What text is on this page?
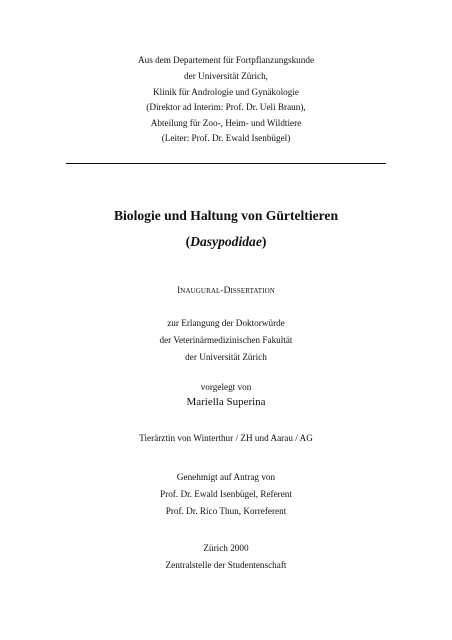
Aus dem Departement für Fortpflanzungskunde
der Universität Zürich,
Klinik für Andrologie und Gynäkologie
(Direktor ad Interim: Prof. Dr. Ueli Braun),
Abteilung für Zoo-, Heim- und Wildtiere
(Leiter: Prof. Dr. Ewald Isenbügel)
Biologie und Haltung von Gürteltieren
(Dasypodidae)
Inaugural-Dissertation
zur Erlangung der Doktorwürde
der Veterinärmedizinischen Fakultät
der Universität Zürich
vorgelegt von
Mariella Superina
Tierärztin von Winterthur / ZH und Aarau / AG
Genehmigt auf Antrag von
Prof. Dr. Ewald Isenbügel, Referent
Prof. Dr. Rico Thun, Korreferent
Zürich 2000
Zentralstelle der Studentenschaft
